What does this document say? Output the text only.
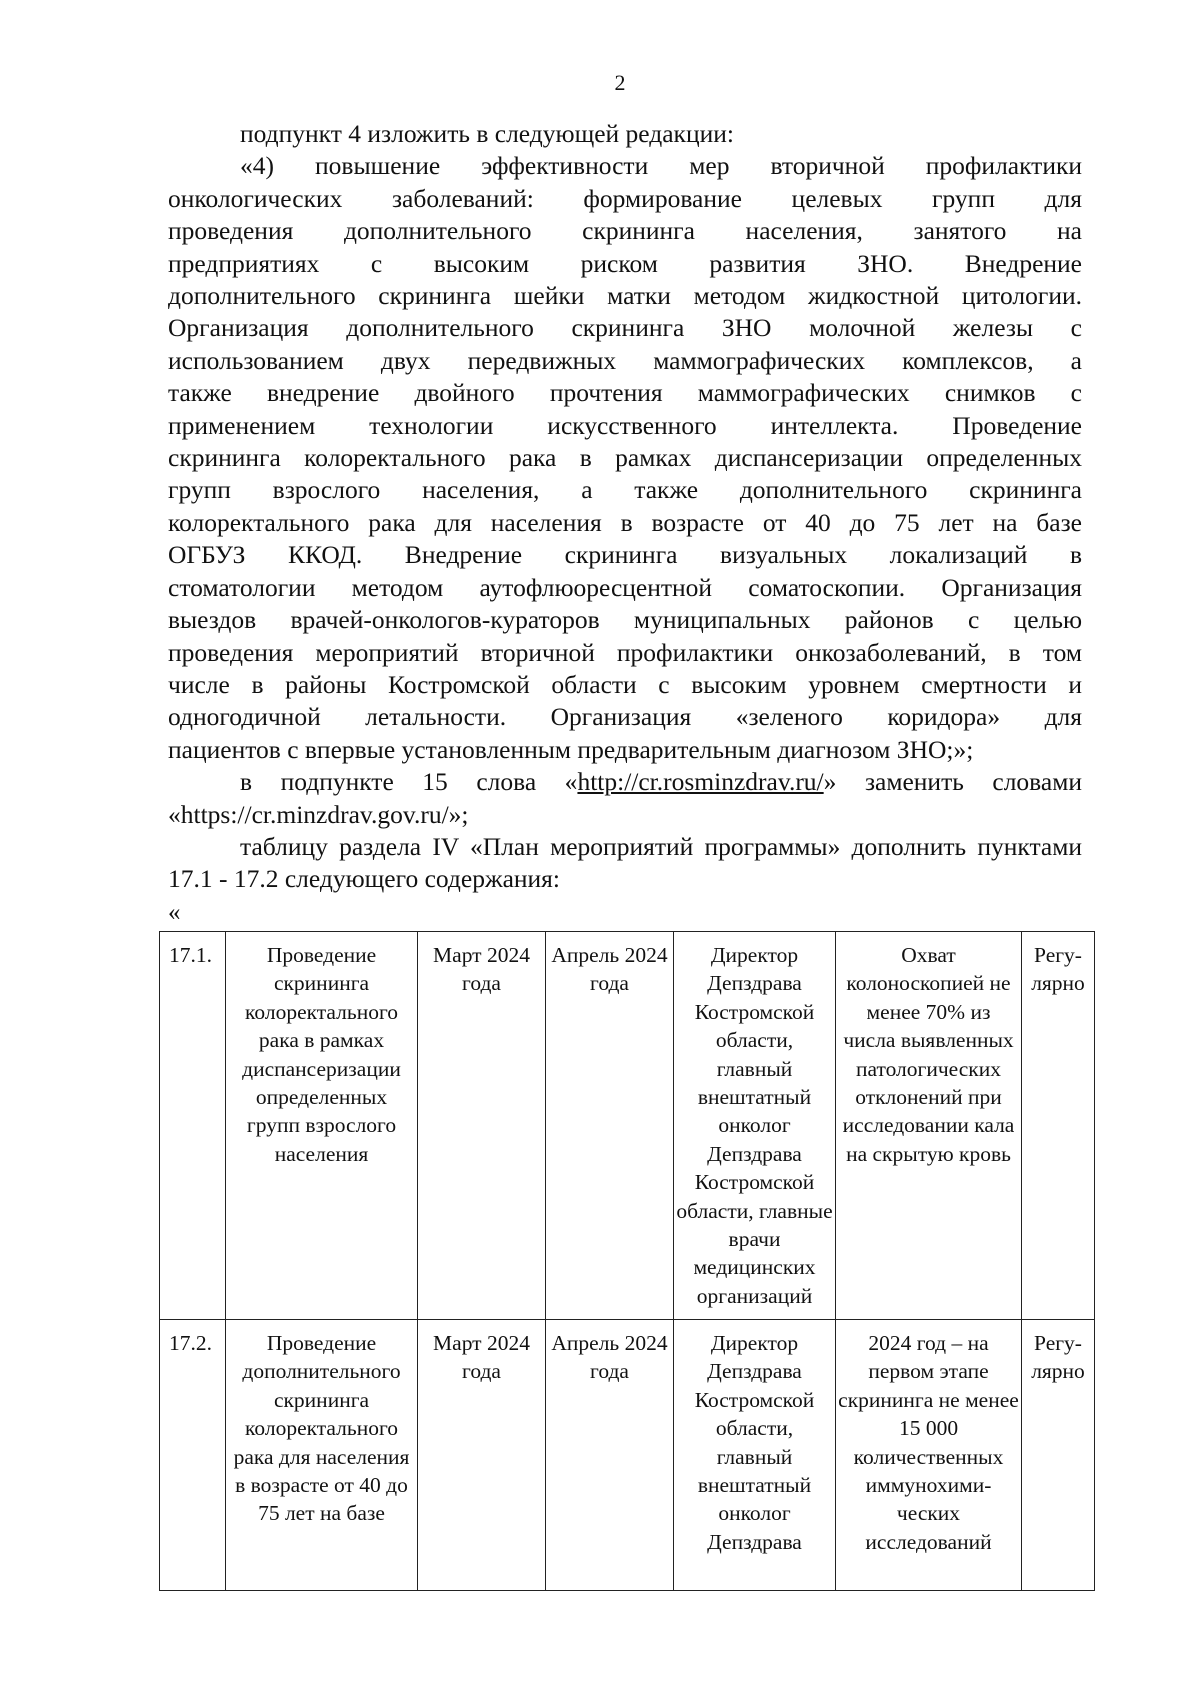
2

подпункт 4 изложить в следующей редакции:

«4) повышение эффективности мер вторичной профилактики
онкологических заболеваний: формирование целевых групп для
проведения дополнительного скрининга населения, занятого на
предприятиях с высоким риском развития ЗНО. Внедрение
дополнительного скрининга шейки матки методом жидкостной цитологии.
Организация дополнительного скрининга ЗНО молочной железы с
использованием двух передвижных маммографических комплексов, а
также внедрение двойного прочтения маммографических снимков с
применением технологии искусственного интеллекта. Проведение
скрининга колоректального рака в рамках диспансеризации определенных
групп взрослого населения, а также дополнительного скрининга
колоректального рака для населения в возрасте от 40 до 75 лет на базе
ОГБУЗ ККОД. Внедрение скрининга визуальных локализаций в
стоматологии методом аутофлюоресцентной соматоскопии. Организация
выездов врачей-онкологов-кураторов муниципальных районов с целью
проведения мероприятий вторичной профилактики онкозаболеваний, в том
числе в районы Костромской области с высоким уровнем смертности и
одногодичной летальности. Организация «зеленого коридора» для
пациентов с впервые установленным предварительным диагнозом ЗНО;»;

в подпункте 15 слова «http://cr.rosminzdrav.ru/» заменить словами «https://cr.minzdrav.gov.ru/»;

таблицу раздела IV «План мероприятий программы» дополнить пунктами 17.1 - 17.2 следующего содержания:

«

17.1.	Проведение скрининга колоректального рака в рамках диспансеризации определенных групп взрослого населения	Март 2024 года	Апрель 2024 года	Директор Депздрава Костромской области, главный внештатный онколог Депздрава Костромской области, главные врачи медицинских организаций	Охват колоноскопией не менее 70% из числа выявленных патологических отклонений при исследовании кала на скрытую кровь	Регу-лярно
17.2.	Проведение дополнительного скрининга колоректального рака для населения в возрасте от 40 до 75 лет на базе	Март 2024 года	Апрель 2024 года	Директор Депздрава Костромской области, главный внештатный онколог Депздрава	2024 год – на первом этапе скрининга не менее 15 000 количественных иммунохими-ческих исследований	Регу-лярно
